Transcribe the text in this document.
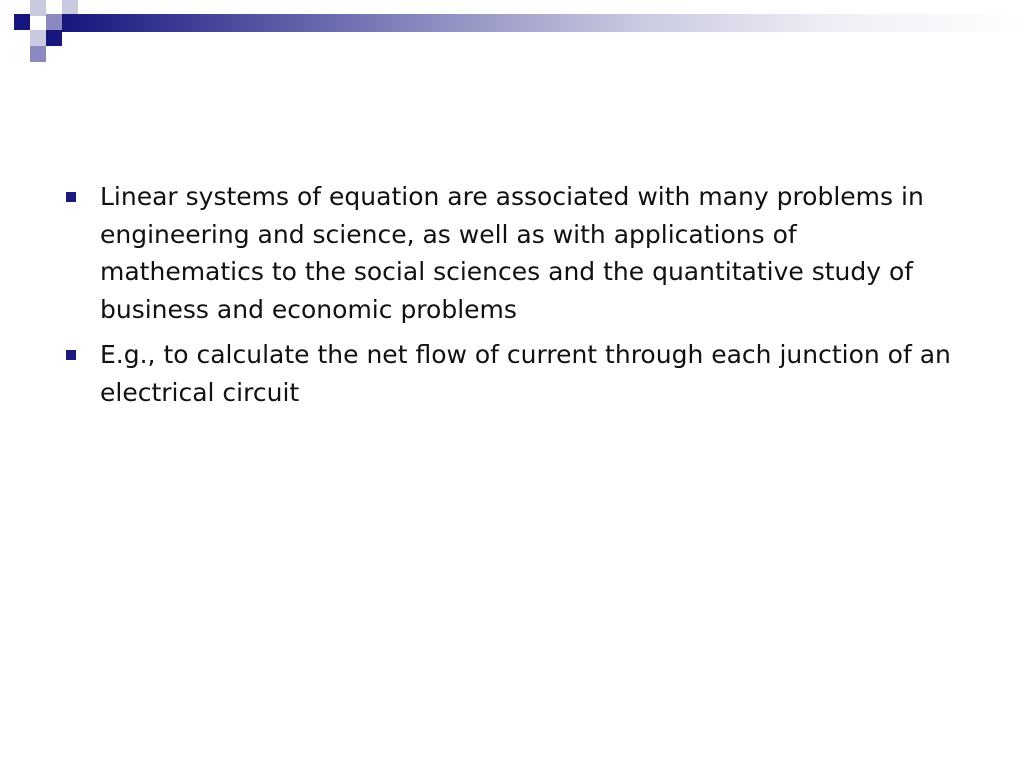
Linear systems of equation are associated with many problems in engineering and science, as well as with applications of mathematics to the social sciences and the quantitative study of business and economic problems
E.g., to calculate the net flow of current through each junction of an electrical circuit
